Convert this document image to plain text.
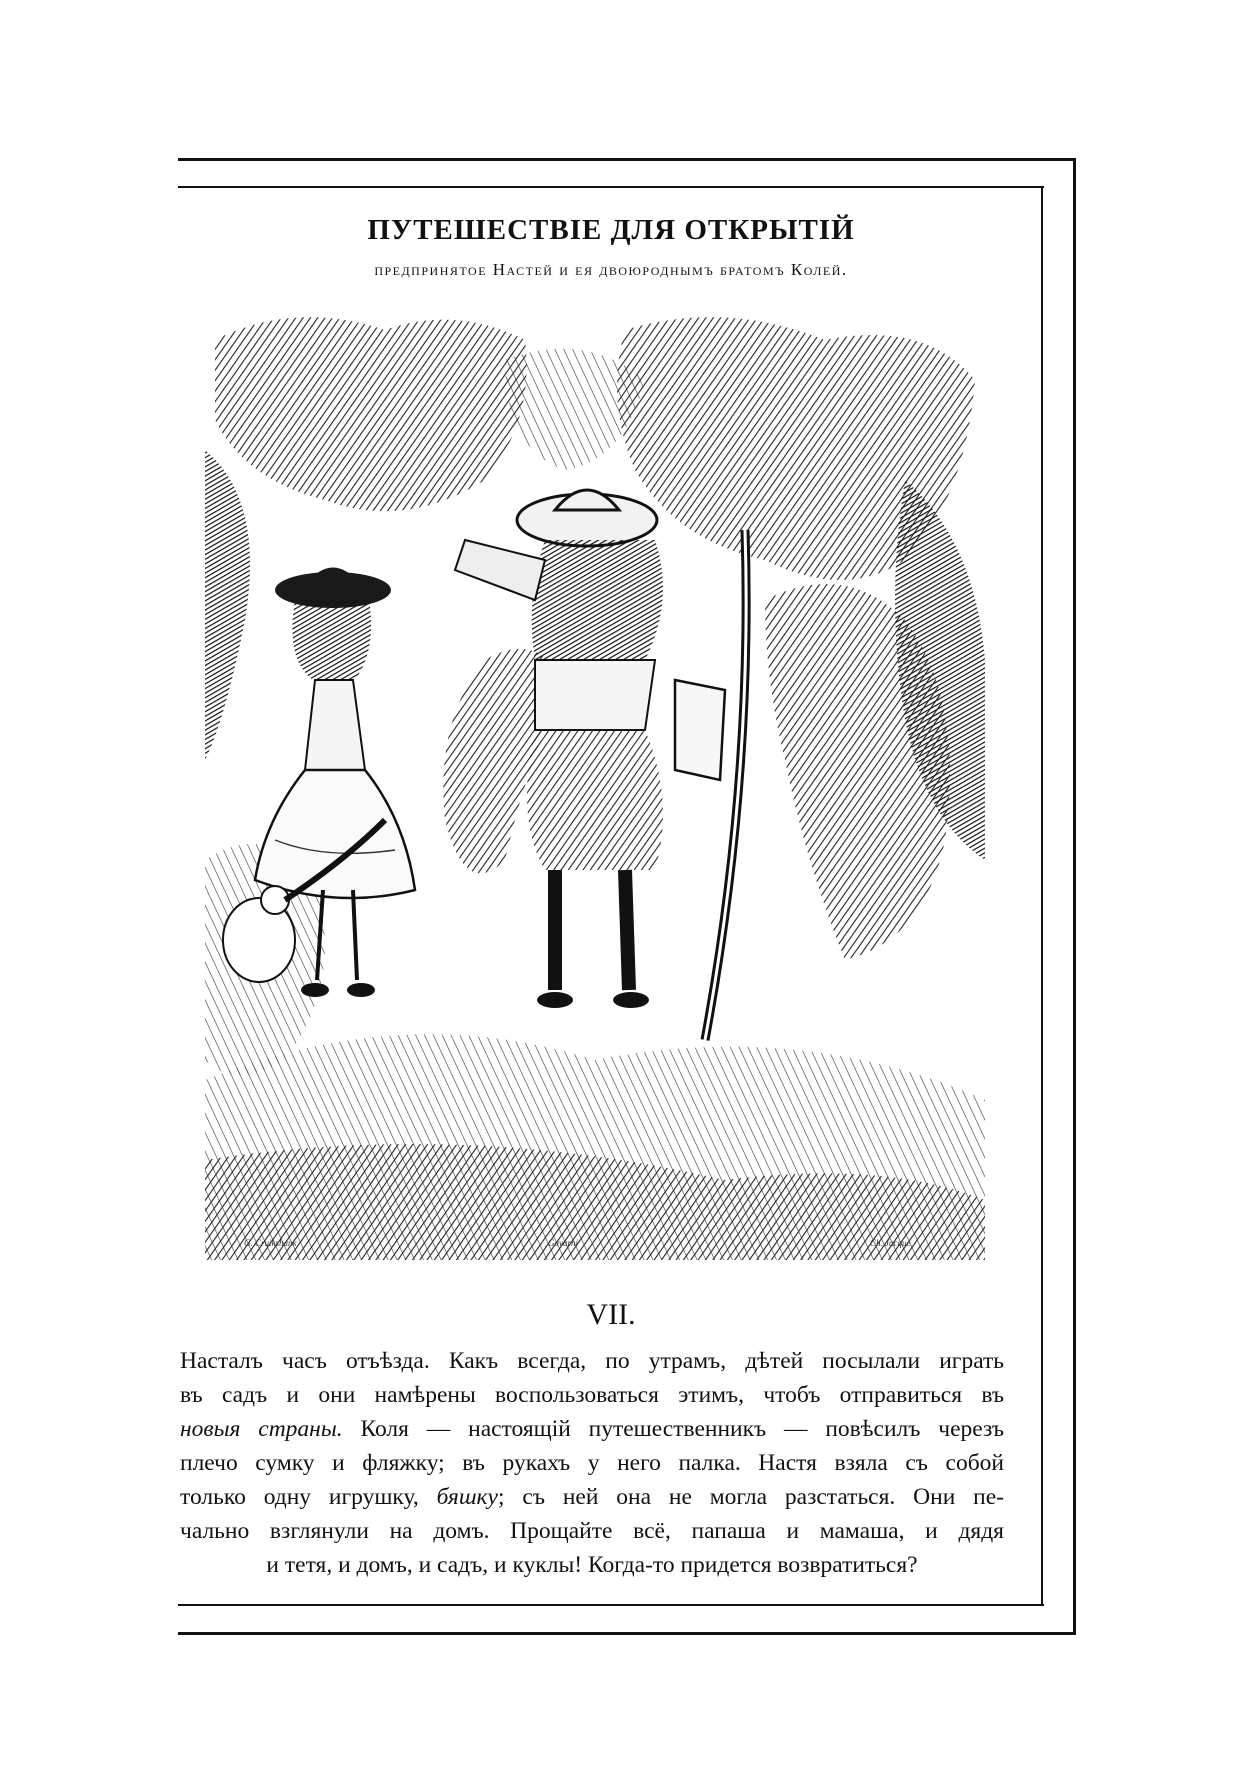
ПУТЕШЕСТВІЕ ДЛЯ ОТКРЫТІЙ
предпринятое Настей и ея двоюроднымъ братомъ Колей.
G. Cruikshank	Gavarni	Ch. Jacque
VII.
Насталъ часъ отъѣзда. Какъ всегда, по утрамъ, дѣтей посылали играть
въ садъ и они намѣрены воспользоваться этимъ, чтобъ отправиться въ
новыя страны. Коля — настоящій путешественникъ — повѣсилъ черезъ
плечо сумку и фляжку; въ рукахъ у него палка. Настя взяла съ собой
только одну игрушку, бяшку; съ ней она не могла разстаться. Они пе-
чально взглянули на домъ. Прощайте всё, папаша и мамаша, и дядя
и тетя, и домъ, и садъ, и куклы! Когда-то придется возвратиться?
